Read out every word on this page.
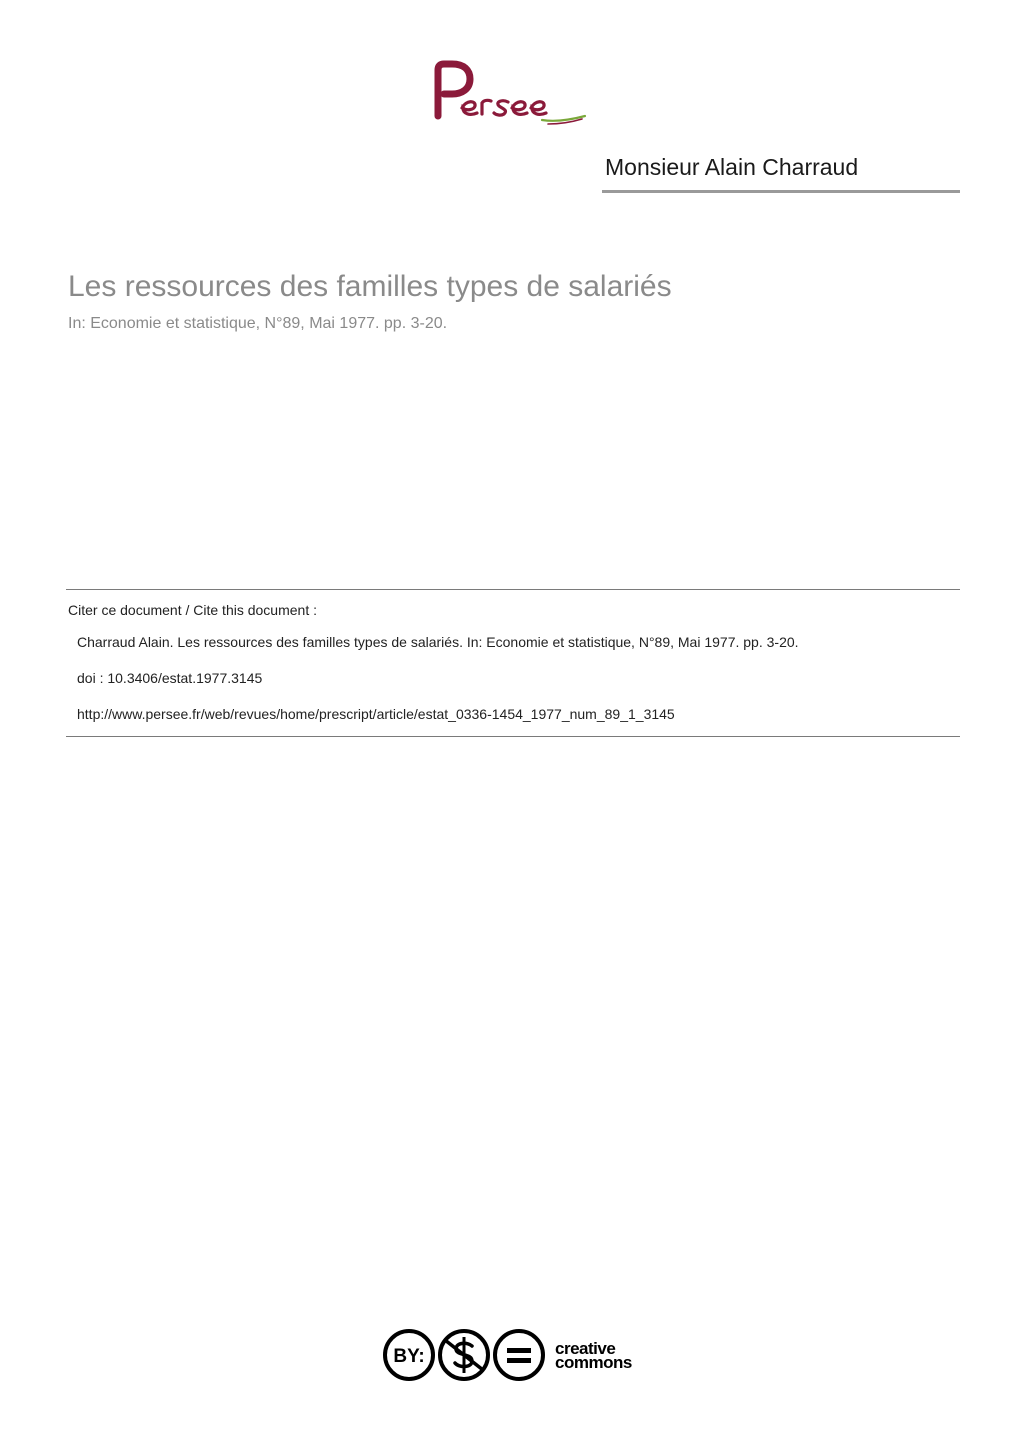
Monsieur Alain Charraud
Les ressources des familles types de salariés
In: Economie et statistique, N°89, Mai 1977. pp. 3-20.
Citer ce document / Cite this document :
Charraud Alain. Les ressources des familles types de salariés. In: Economie et statistique, N°89, Mai 1977. pp. 3-20.
doi : 10.3406/estat.1977.3145
http://www.persee.fr/web/revues/home/prescript/article/estat_0336-1454_1977_num_89_1_3145
BY:	creative
commons
